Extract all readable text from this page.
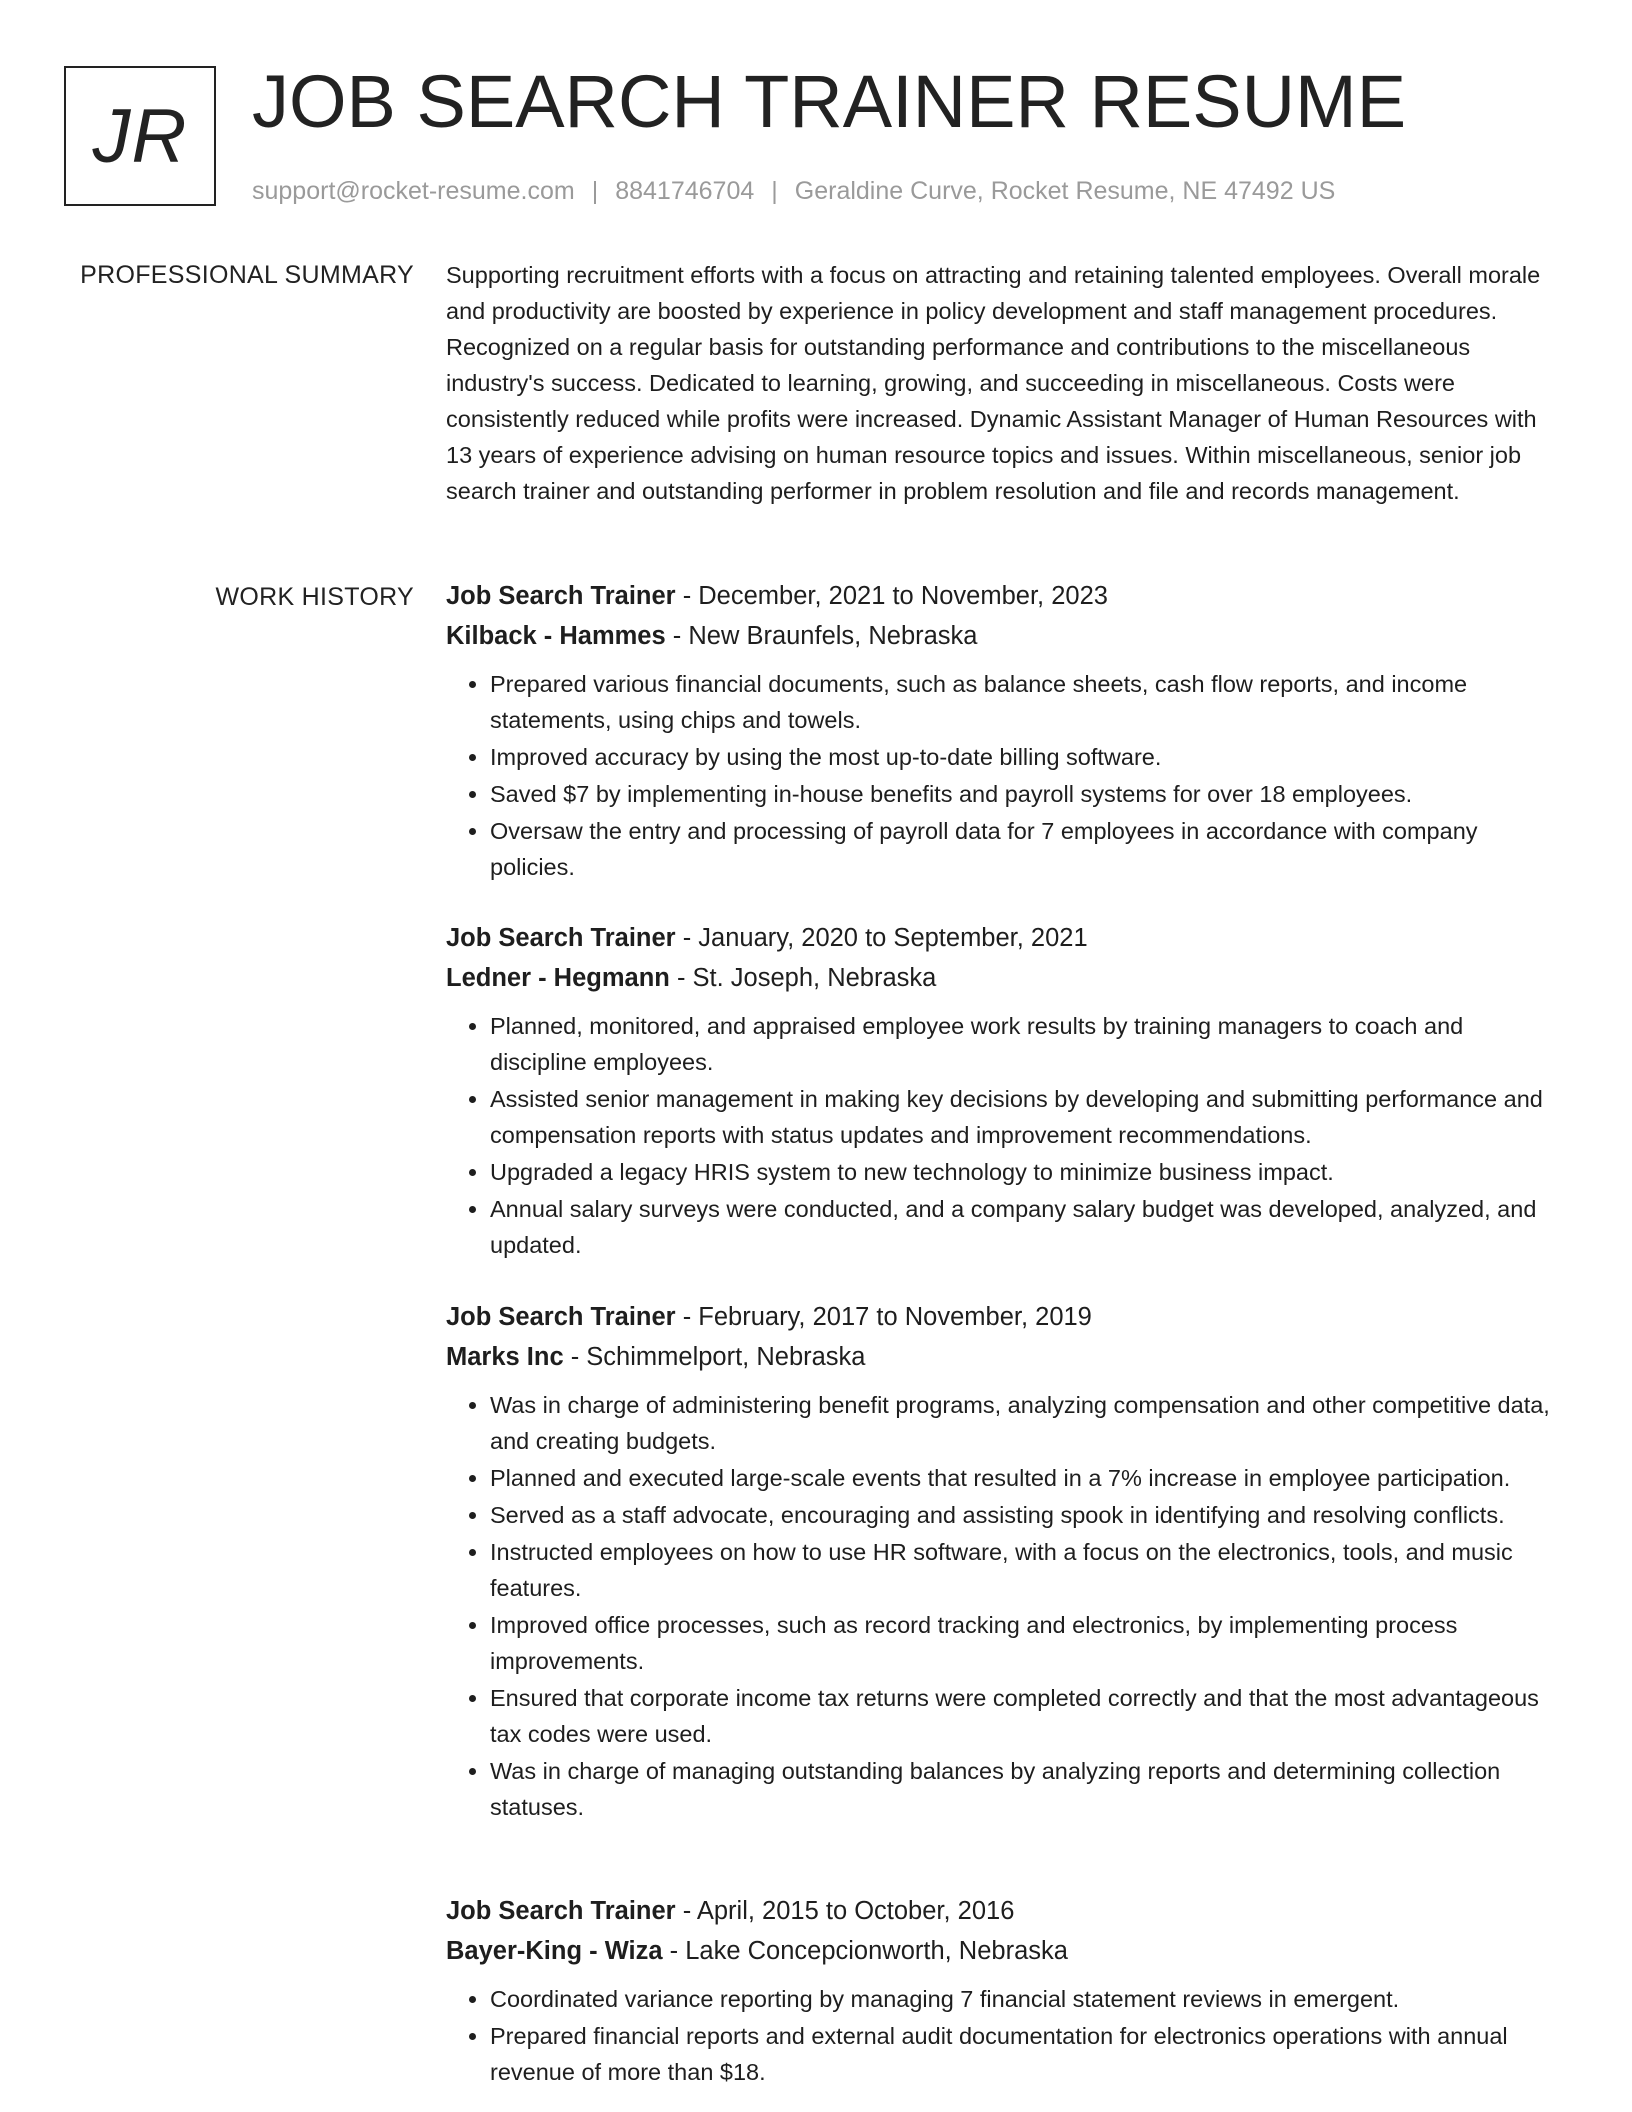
JR JOB SEARCH TRAINER RESUME
support@rocket-resume.com | 8841746704 | Geraldine Curve, Rocket Resume, NE 47492 US
PROFESSIONAL SUMMARY Supporting recruitment efforts with a focus on attracting and retaining talented employees. Overall morale and productivity are boosted by experience in policy development and staff management procedures. Recognized on a regular basis for outstanding performance and contributions to the miscellaneous industry's success. Dedicated to learning, growing, and succeeding in miscellaneous. Costs were consistently reduced while profits were increased. Dynamic Assistant Manager of Human Resources with 13 years of experience advising on human resource topics and issues. Within miscellaneous, senior job search trainer and outstanding performer in problem resolution and file and records management.

WORK HISTORY Job Search Trainer - December, 2021 to November, 2023
Kilback - Hammes - New Braunfels, Nebraska
• Prepared various financial documents, such as balance sheets, cash flow reports, and income statements, using chips and towels.
• Improved accuracy by using the most up-to-date billing software.
• Saved $7 by implementing in-house benefits and payroll systems for over 18 employees.
• Oversaw the entry and processing of payroll data for 7 employees in accordance with company policies.
Job Search Trainer - January, 2020 to September, 2021
Ledner - Hegmann - St. Joseph, Nebraska
• Planned, monitored, and appraised employee work results by training managers to coach and discipline employees.
• Assisted senior management in making key decisions by developing and submitting performance and compensation reports with status updates and improvement recommendations.
• Upgraded a legacy HRIS system to new technology to minimize business impact.
• Annual salary surveys were conducted, and a company salary budget was developed, analyzed, and updated.
Job Search Trainer - February, 2017 to November, 2019
Marks Inc - Schimmelport, Nebraska
• Was in charge of administering benefit programs, analyzing compensation and other competitive data, and creating budgets.
• Planned and executed large-scale events that resulted in a 7% increase in employee participation.
• Served as a staff advocate, encouraging and assisting spook in identifying and resolving conflicts.
• Instructed employees on how to use HR software, with a focus on the electronics, tools, and music features.
• Improved office processes, such as record tracking and electronics, by implementing process improvements.
• Ensured that corporate income tax returns were completed correctly and that the most advantageous tax codes were used.
• Was in charge of managing outstanding balances by analyzing reports and determining collection statuses.
Job Search Trainer - April, 2015 to October, 2016
Bayer-King - Wiza - Lake Concepcionworth, Nebraska
• Coordinated variance reporting by managing 7 financial statement reviews in emergent.
• Prepared financial reports and external audit documentation for electronics operations with annual revenue of more than $18.
